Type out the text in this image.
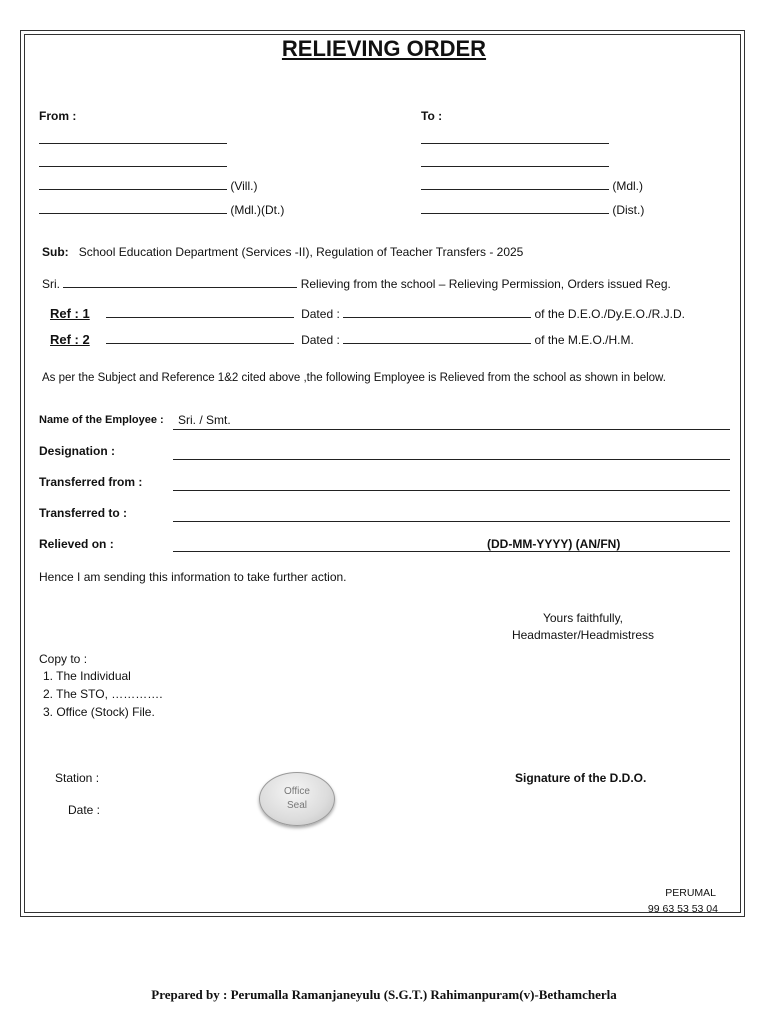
RELIEVING ORDER
From :
(Vill.)
(Mdl.)(Dt.)
To :
(Mdl.)
(Dist.)
Sub: School Education Department (Services -II), Regulation of Teacher Transfers - 2025
Sri.	Relieving from the school – Relieving Permission, Orders issued Reg.
Ref : 1	Dated :	of the D.E.O./Dy.E.O./R.J.D.
Ref : 2	Dated :	of the M.E.O./H.M.
As per the Subject and Reference 1&2 cited above ,the following Employee is Relieved from the school as shown in below.
Name of the Employee : Sri. / Smt.
Designation :
Transferred from :
Transferred to :
Relieved on :	(DD-MM-YYYY) (AN/FN)
Hence I am sending this information to take further action.
Yours faithfully,
Headmaster/Headmistress
Copy to :
1. The Individual
2. The STO, ………….
3. Office (Stock) File.
Station :
Date :
Office
Seal
Signature of the D.D.O.
PERUMAL
99 63 53 53 04
Prepared by : Perumalla Ramanjaneyulu (S.G.T.) Rahimanpuram(v)-Bethamcherla
